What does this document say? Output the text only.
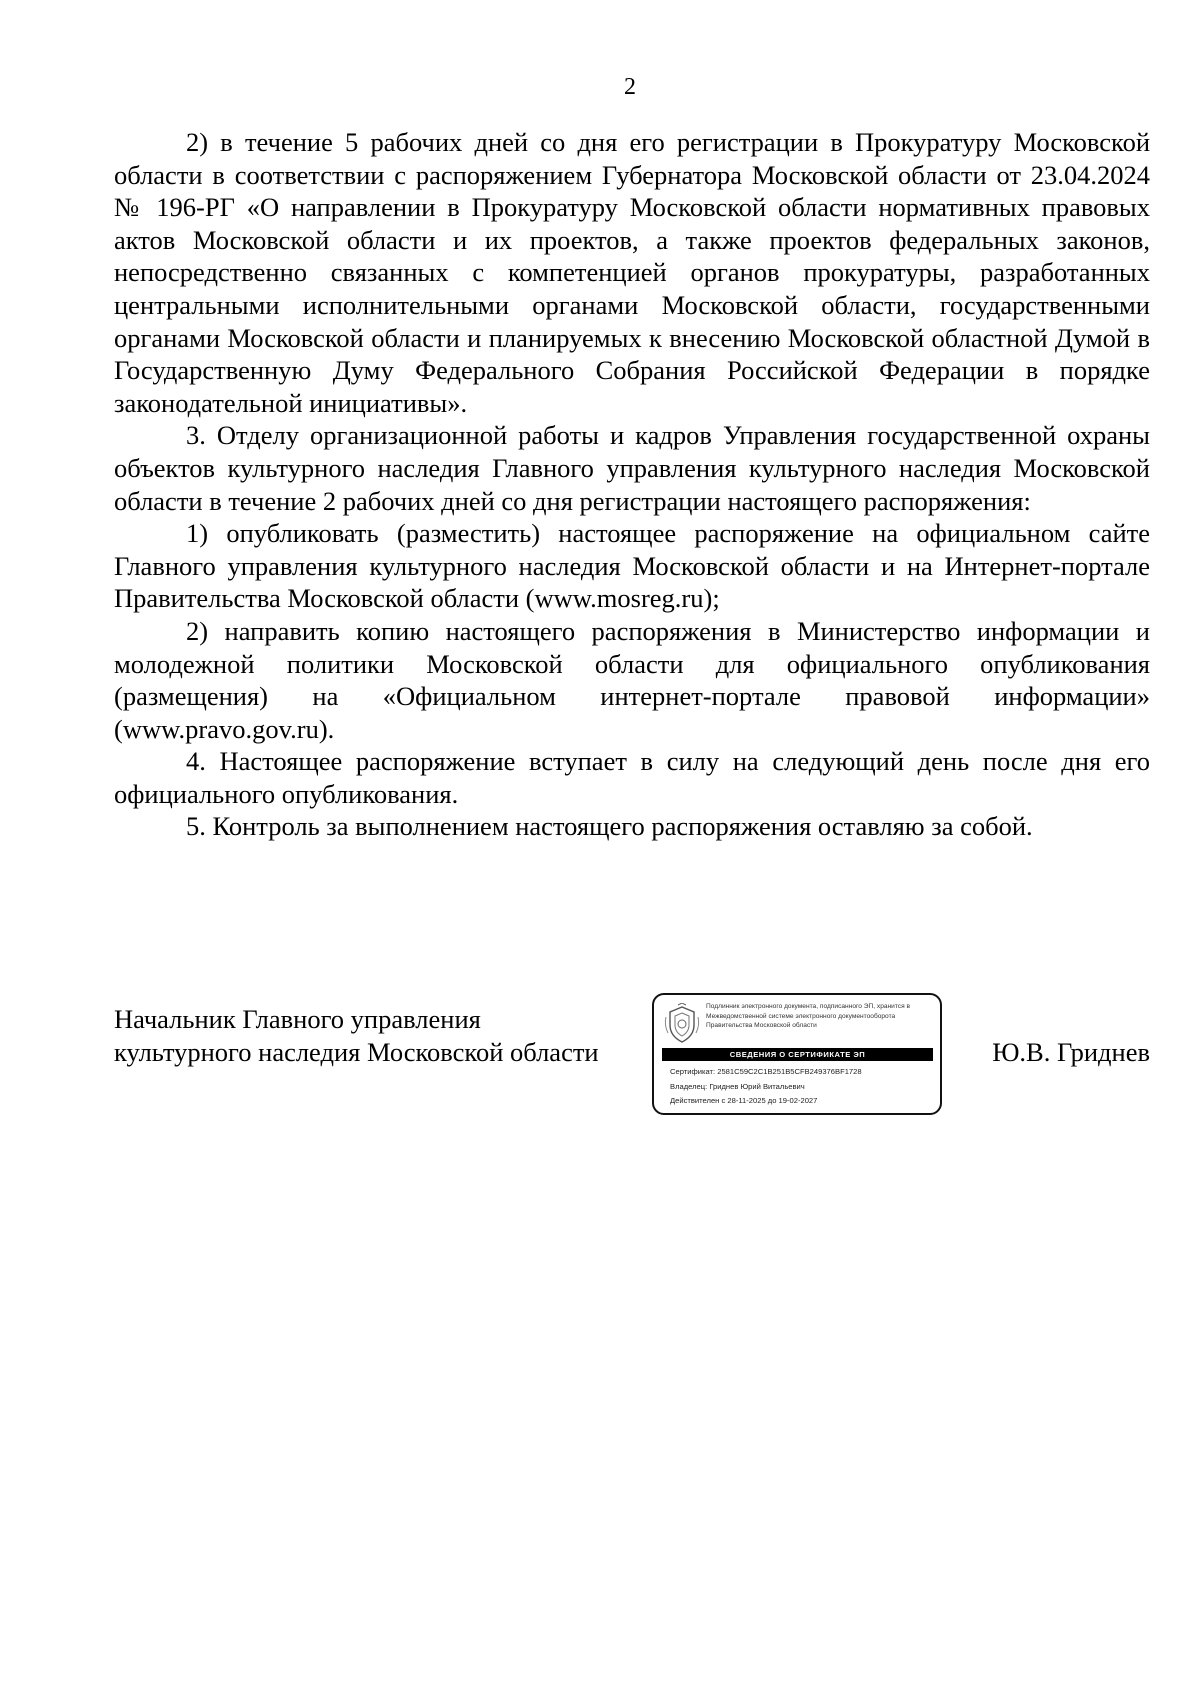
2

2) в течение 5 рабочих дней со дня его регистрации в Прокуратуру Московской области в соответствии с распоряжением Губернатора Московской области от 23.04.2024 № 196-РГ «О направлении в Прокуратуру Московской области нормативных правовых актов Московской области и их проектов, а также проектов федеральных законов, непосредственно связанных с компетенцией органов прокуратуры, разработанных центральными исполнительными органами Московской области, государственными органами Московской области и планируемых к внесению Московской областной Думой в Государственную Думу Федерального Собрания Российской Федерации в порядке законодательной инициативы».

3. Отделу организационной работы и кадров Управления государственной охраны объектов культурного наследия Главного управления культурного наследия Московской области в течение 2 рабочих дней со дня регистрации настоящего распоряжения:

1) опубликовать (разместить) настоящее распоряжение на официальном сайте Главного управления культурного наследия Московской области и на Интернет-портале Правительства Московской области (www.mosreg.ru);

2) направить копию настоящего распоряжения в Министерство информации и молодежной политики Московской области для официального опубликования (размещения) на «Официальном интернет-портале правовой информации» (www.pravo.gov.ru).

4. Настоящее распоряжение вступает в силу на следующий день после дня его официального опубликования.

5. Контроль за выполнением настоящего распоряжения оставляю за собой.

Начальник Главного управления
культурного наследия Московской области
Подлинник электронного документа, подписанного ЭП, хранится в Межведомственной системе электронного документооборота Правительства Московской области
СВЕДЕНИЯ О СЕРТИФИКАТЕ ЭП
Сертификат: 2581C59C2C1B251B5CFB249376BF1728
Владелец: Гриднев Юрий Витальевич
Действителен с 28-11-2025 до 19-02-2027
Ю.В. Гриднев
